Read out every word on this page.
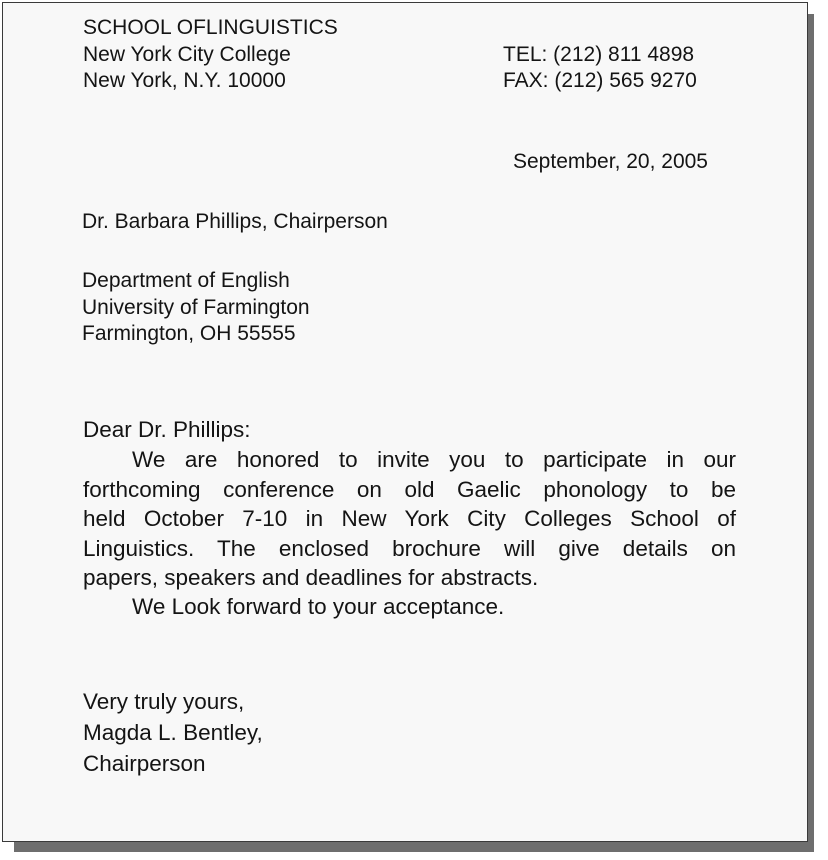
SCHOOL OFLINGUISTICS
New York City College
New York, N.Y. 10000
TEL: (212) 811 4898
FAX: (212) 565 9270
September, 20, 2005
Dr. Barbara Phillips, Chairperson
Department of English
University of Farmington
Farmington, OH 55555
Dear Dr. Phillips:
We are honored to invite you to participate in our
forthcoming conference on old Gaelic phonology to be
held October 7-10 in New York City Colleges School of
Linguistics. The enclosed brochure will give details on
papers, speakers and deadlines for abstracts.
We Look forward to your acceptance.
Very truly yours,
Magda L. Bentley,
Chairperson
